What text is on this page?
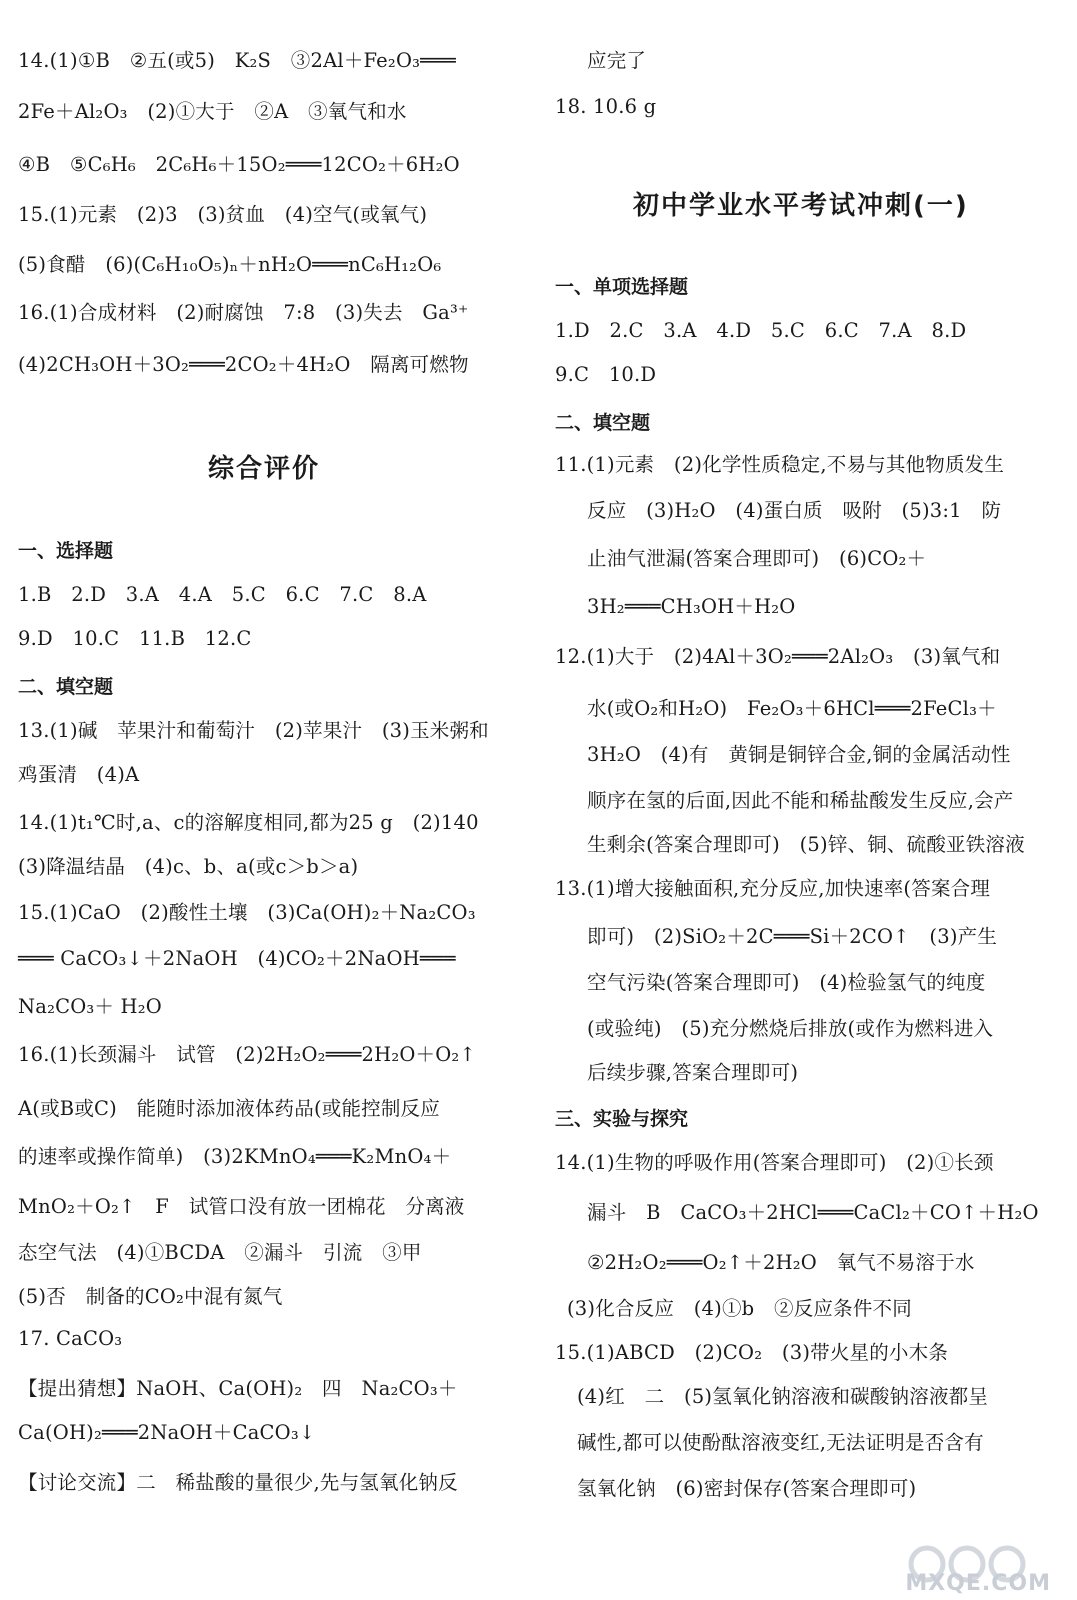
14.(1)①B　②五(或5)　K₂S　③2Al＋Fe₂O₃═══
2Fe＋Al₂O₃　(2)①大于　②A　③氧气和水
④B　⑤C₆H₆　2C₆H₆＋15O₂═══12CO₂＋6H₂O
15.(1)元素　(2)3　(3)贫血　(4)空气(或氧气)
(5)食醋　(6)(C₆H₁₀O₅)ₙ＋nH₂O═══nC₆H₁₂O₆
16.(1)合成材料　(2)耐腐蚀　7:8　(3)失去　Ga³⁺
(4)2CH₃OH＋3O₂═══2CO₂＋4H₂O　隔离可燃物
综合评价
一、选择题
1.B　2.D　3.A　4.A　5.C　6.C　7.C　8.A
9.D　10.C　11.B　12.C
二、填空题
13.(1)碱　苹果汁和葡萄汁　(2)苹果汁　(3)玉米粥和
鸡蛋清　(4)A
14.(1)t₁℃时,a、c的溶解度相同,都为25 g　(2)140
(3)降温结晶　(4)c、b、a(或c＞b＞a)
15.(1)CaO　(2)酸性土壤　(3)Ca(OH)₂＋Na₂CO₃
═══ CaCO₃↓＋2NaOH　(4)CO₂＋2NaOH═══
Na₂CO₃＋ H₂O
16.(1)长颈漏斗　试管　(2)2H₂O₂═══2H₂O＋O₂↑
A(或B或C)　能随时添加液体药品(或能控制反应
的速率或操作简单)　(3)2KMnO₄═══K₂MnO₄＋
MnO₂＋O₂↑　F　试管口没有放一团棉花　分离液
态空气法　(4)①BCDA　②漏斗　引流　③甲
(5)否　制备的CO₂中混有氮气
17. CaCO₃
【提出猜想】NaOH、Ca(OH)₂　四　Na₂CO₃＋
Ca(OH)₂═══2NaOH＋CaCO₃↓
【讨论交流】二　稀盐酸的量很少,先与氢氧化钠反
应完了
18. 10.6 g
初中学业水平考试冲刺(一)
一、单项选择题
1.D　2.C　3.A　4.D　5.C　6.C　7.A　8.D
9.C　10.D
二、填空题
11.(1)元素　(2)化学性质稳定,不易与其他物质发生
反应　(3)H₂O　(4)蛋白质　吸附　(5)3:1　防
止油气泄漏(答案合理即可)　(6)CO₂＋
3H₂═══CH₃OH＋H₂O
12.(1)大于　(2)4Al＋3O₂═══2Al₂O₃　(3)氧气和
水(或O₂和H₂O)　Fe₂O₃＋6HCl═══2FeCl₃＋
3H₂O　(4)有　黄铜是铜锌合金,铜的金属活动性
顺序在氢的后面,因此不能和稀盐酸发生反应,会产
生剩余(答案合理即可)　(5)锌、铜、硫酸亚铁溶液
13.(1)增大接触面积,充分反应,加快速率(答案合理
即可)　(2)SiO₂＋2C═══Si＋2CO↑　(3)产生
空气污染(答案合理即可)　(4)检验氢气的纯度
(或验纯)　(5)充分燃烧后排放(或作为燃料进入
后续步骤,答案合理即可)
三、实验与探究
14.(1)生物的呼吸作用(答案合理即可)　(2)①长颈
漏斗　B　CaCO₃＋2HCl═══CaCl₂＋CO↑＋H₂O
②2H₂O₂═══O₂↑＋2H₂O　氧气不易溶于水
(3)化合反应　(4)①b　②反应条件不同
15.(1)ABCD　(2)CO₂　(3)带火星的小木条
(4)红　二　(5)氢氧化钠溶液和碳酸钠溶液都呈
碱性,都可以使酚酞溶液变红,无法证明是否含有
氢氧化钠　(6)密封保存(答案合理即可)
MXQE.COM
